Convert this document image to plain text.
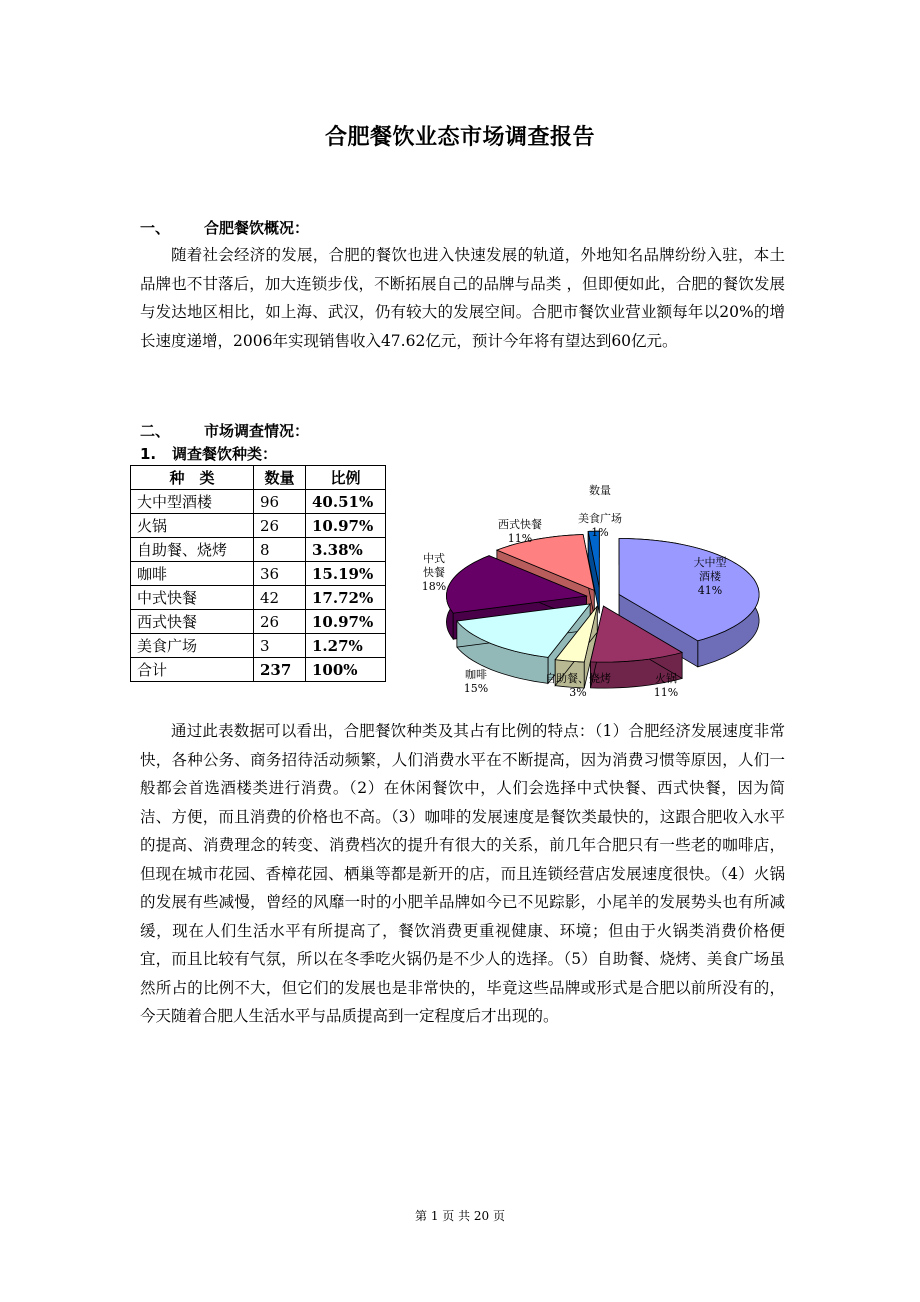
合肥餐饮业态市场调查报告
一、 合肥餐饮概况：

随着社会经济的发展，合肥的餐饮也进入快速发展的轨道，外地知名品牌纷纷入驻，本土品牌也不甘落后，加大连锁步伐，不断拓展自己的品牌与品类 ，但即便如此，合肥的餐饮发展与发达地区相比，如上海、武汉，仍有较大的发展空间。合肥市餐饮业营业额每年以20%的增长速度递增，2006年实现销售收入47.62亿元，预计今年将有望达到60亿元。

二、 市场调查情况：
1. 调查餐饮种类：
种　类	数量	比例
大中型酒楼	96	40.51%
火锅	26	10.97%
自助餐、烧烤	8	3.38%
咖啡	36	15.19%
中式快餐	42	17.72%
西式快餐	26	10.97%
美食广场	3	1.27%
合计	237	100%
数量
大中型酒楼 41%
火锅 11%
自助餐、烧烤 3%
咖啡 15%
中式快餐 18%
西式快餐 11%
美食广场 1%

通过此表数据可以看出，合肥餐饮种类及其占有比例的特点：（1）合肥经济发展速度非常快，各种公务、商务招待活动频繁，人们消费水平在不断提高，因为消费习惯等原因，人们一般都会首选酒楼类进行消费。（2）在休闲餐饮中，人们会选择中式快餐、西式快餐，因为简洁、方便，而且消费的价格也不高。（3）咖啡的发展速度是餐饮类最快的，这跟合肥收入水平的提高、消费理念的转变、消费档次的提升有很大的关系，前几年合肥只有一些老的咖啡店，但现在城市花园、香樟花园、栖巢等都是新开的店，而且连锁经营店发展速度很快。（4）火锅的发展有些减慢，曾经的风靡一时的小肥羊品牌如今已不见踪影，小尾羊的发展势头也有所减缓，现在人们生活水平有所提高了，餐饮消费更重视健康、环境；但由于火锅类消费价格便宜，而且比较有气氛，所以在冬季吃火锅仍是不少人的选择。（5）自助餐、烧烤、美食广场虽然所占的比例不大，但它们的发展也是非常快的，毕竟这些品牌或形式是合肥以前所没有的，今天随着合肥人生活水平与品质提高到一定程度后才出现的。

第 1 页 共 20 页
